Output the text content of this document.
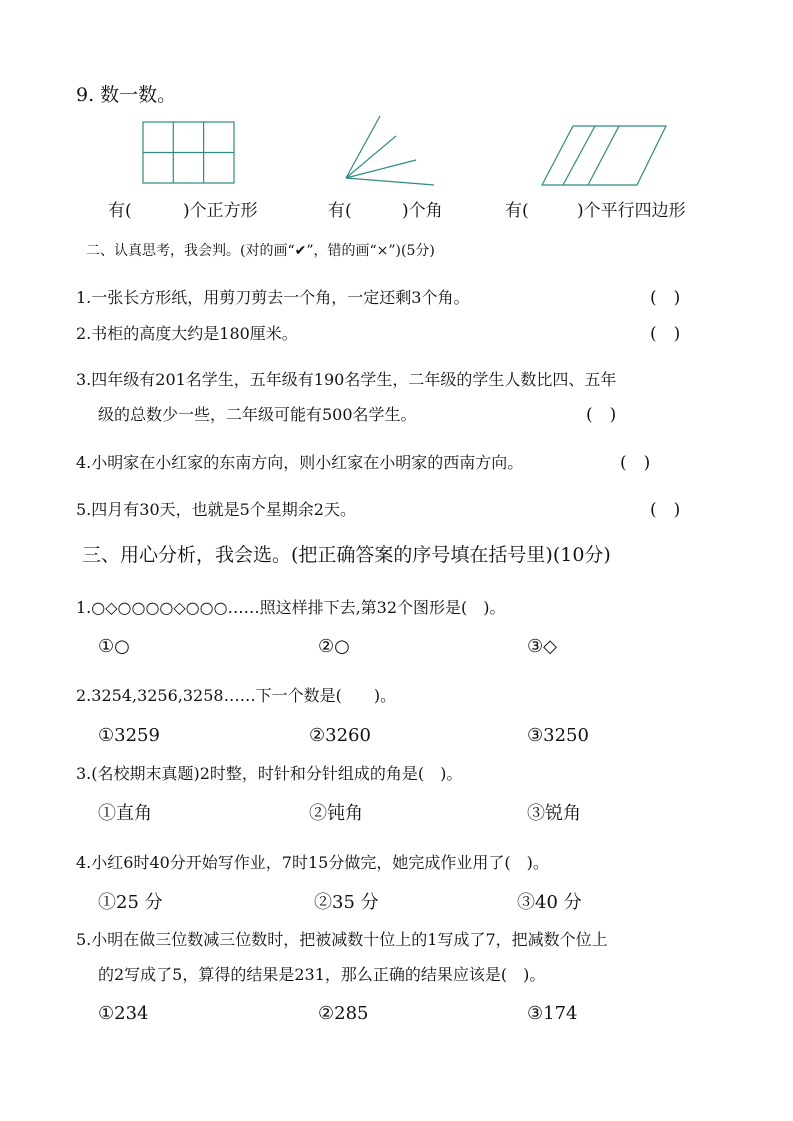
9. 数一数。
有(	)个正方形	有(	)个角	有(	)个平行四边形
二、认真思考，我会判。(对的画“✔”，错的画“×”)(5分)
1.一张长方形纸，用剪刀剪去一个角，一定还剩3个角。	(　)
2.书柜的高度大约是180厘米。	(　)
3.四年级有201名学生，五年级有190名学生，二年级的学生人数比四、五年
级的总数少一些，二年级可能有500名学生。	(　)
4.小明家在小红家的东南方向，则小红家在小明家的西南方向。	(　)
5.四月有30天，也就是5个星期余2天。	(　)
三、用心分析，我会选。(把正确答案的序号填在括号里)(10分)
1.○◇○○○○◇○○○……照这样排下去,第32个图形是(　)。
①○	②○	③◇
2.3254,3256,3258……下一个数是(　　)。
①3259	②3260	③3250
3.(名校期末真题)2时整，时针和分针组成的角是(　)。
①直角	②钝角	③锐角
4.小红6时40分开始写作业，7时15分做完，她完成作业用了(　)。
①25 分	②35 分	③40 分
5.小明在做三位数减三位数时，把被减数十位上的1写成了7，把减数个位上
的2写成了5，算得的结果是231，那么正确的结果应该是(　)。
①234	②285	③174
